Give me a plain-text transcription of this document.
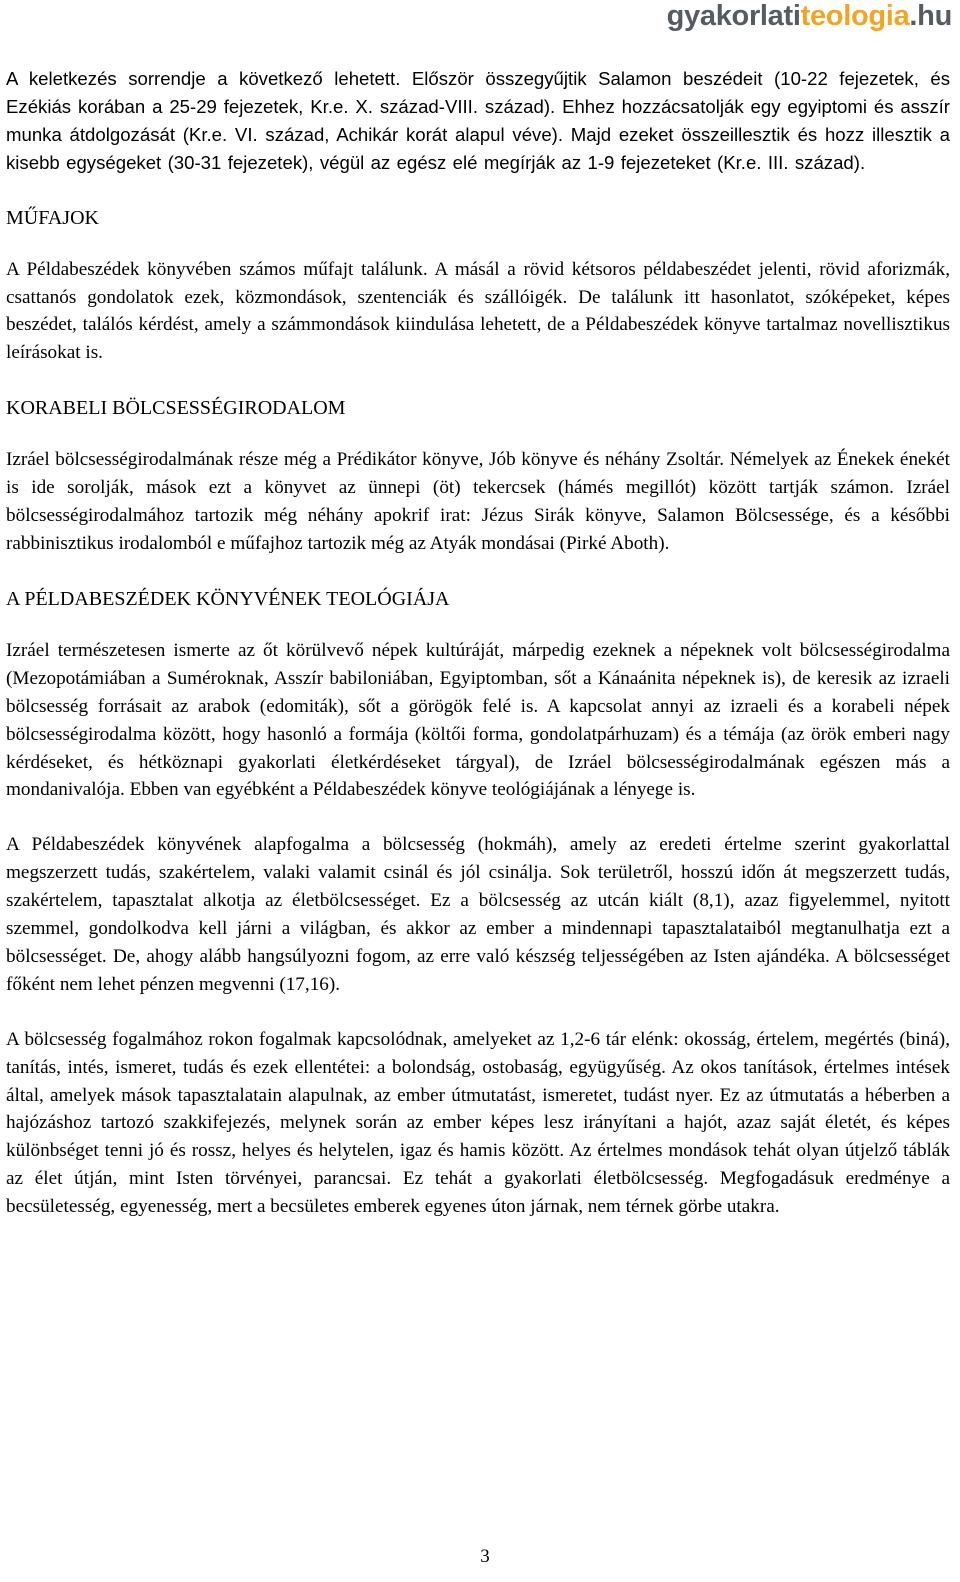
gyakorlatiteologia.hu

A keletkezés sorrendje a következő lehetett. Először összegyűjtik Salamon beszédeit (10-22 fejezetek, és Ezékiás korában a 25-29 fejezetek, Kr.e. X. század-VIII. század). Ehhez hozzácsatolják egy egyiptomi és asszír munka átdolgozását (Kr.e. VI. század, Achikár korát alapul véve). Majd ezeket összeillesztik és hozz illesztik a kisebb egységeket (30-31 fejezetek), végül az egész elé megírják az 1-9 fejezeteket (Kr.e. III. század).

MŰFAJOK

A Példabeszédek könyvében számos műfajt találunk. A másál a rövid kétsoros példabeszédet jelenti, rövid aforizmák, csattanós gondolatok ezek, közmondások, szentenciák és szállóigék. De találunk itt hasonlatot, szóképeket, képes beszédet, találós kérdést, amely a számmondások kiindulása lehetett, de a Példabeszédek könyve tartalmaz novellisztikus leírásokat is.

KORABELI BÖLCSESSÉGIRODALOM

Izráel bölcsességirodalmának része még a Prédikátor könyve, Jób könyve és néhány Zsoltár. Némelyek az Énekek énekét is ide sorolják, mások ezt a könyvet az ünnepi (öt) tekercsek (hámés megillót) között tartják számon. Izráel bölcsességirodalmához tartozik még néhány apokrif irat: Jézus Sirák könyve, Salamon Bölcsessége, és a későbbi rabbinisztikus irodalomból e műfajhoz tartozik még az Atyák mondásai (Pirké Aboth).

A PÉLDABESZÉDEK KÖNYVÉNEK TEOLÓGIÁJA

Izráel természetesen ismerte az őt körülvevő népek kultúráját, márpedig ezeknek a népeknek volt bölcsességirodalma (Mezopotámiában a Suméroknak, Asszír babiloniában, Egyiptomban, sőt a Kánaánita népeknek is), de keresik az izraeli bölcsesség forrásait az arabok (edomiták), sőt a görögök felé is. A kapcsolat annyi az izraeli és a korabeli népek bölcsességirodalma között, hogy hasonló a formája (költői forma, gondolatpárhuzam) és a témája (az örök emberi nagy kérdéseket, és hétköznapi gyakorlati életkérdéseket tárgyal), de Izráel bölcsességirodalmának egészen más a mondanivalója. Ebben van egyébként a Példabeszédek könyve teológiájának a lényege is.

A Példabeszédek könyvének alapfogalma a bölcsesség (hokmáh), amely az eredeti értelme szerint gyakorlattal megszerzett tudás, szakértelem, valaki valamit csinál és jól csinálja. Sok területről, hosszú időn át megszerzett tudás, szakértelem, tapasztalat alkotja az életbölcsességet. Ez a bölcsesség az utcán kiált (8,1), azaz figyelemmel, nyitott szemmel, gondolkodva kell járni a világban, és akkor az ember a mindennapi tapasztalataiból megtanulhatja ezt a bölcsességet. De, ahogy alább hangsúlyozni fogom, az erre való készség teljességében az Isten ajándéka. A bölcsességet főként nem lehet pénzen megvenni (17,16).

A bölcsesség fogalmához rokon fogalmak kapcsolódnak, amelyeket az 1,2-6 tár elénk: okosság, értelem, megértés (biná), tanítás, intés, ismeret, tudás és ezek ellentétei: a bolondság, ostobaság, együgyűség. Az okos tanítások, értelmes intések által, amelyek mások tapasztalatain alapulnak, az ember útmutatást, ismeretet, tudást nyer. Ez az útmutatás a héberben a hajózáshoz tartozó szakkifejezés, melynek során az ember képes lesz irányítani a hajót, azaz saját életét, és képes különbséget tenni jó és rossz, helyes és helytelen, igaz és hamis között. Az értelmes mondások tehát olyan útjelző táblák az élet útján, mint Isten törvényei, parancsai. Ez tehát a gyakorlati életbölcsesség. Megfogadásuk eredménye a becsületesség, egyenesség, mert a becsületes emberek egyenes úton járnak, nem térnek görbe utakra.

3
